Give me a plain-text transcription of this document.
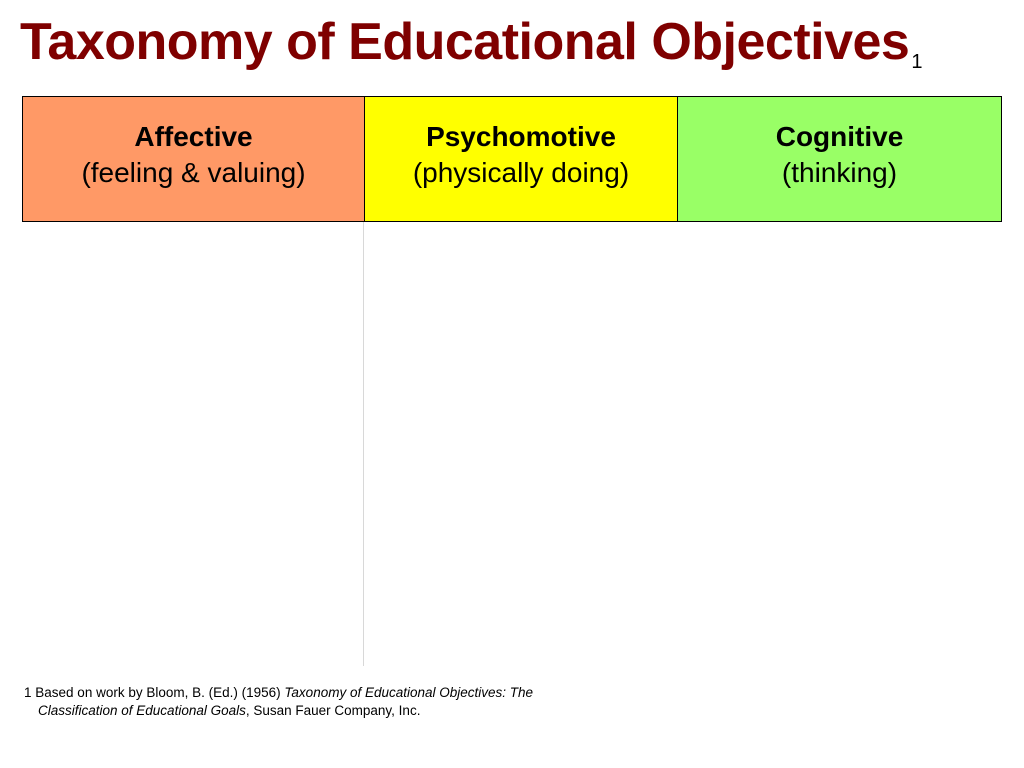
Taxonomy of Educational Objectives $^1$
Affective
(feeling & valuing)
Psychomotive
(physically doing)
Cognitive
(thinking)
1 Based on work by Bloom, B. (Ed.) (1956) Taxonomy of Educational Objectives: The
Classification of Educational Goals, Susan Fauer Company, Inc.
